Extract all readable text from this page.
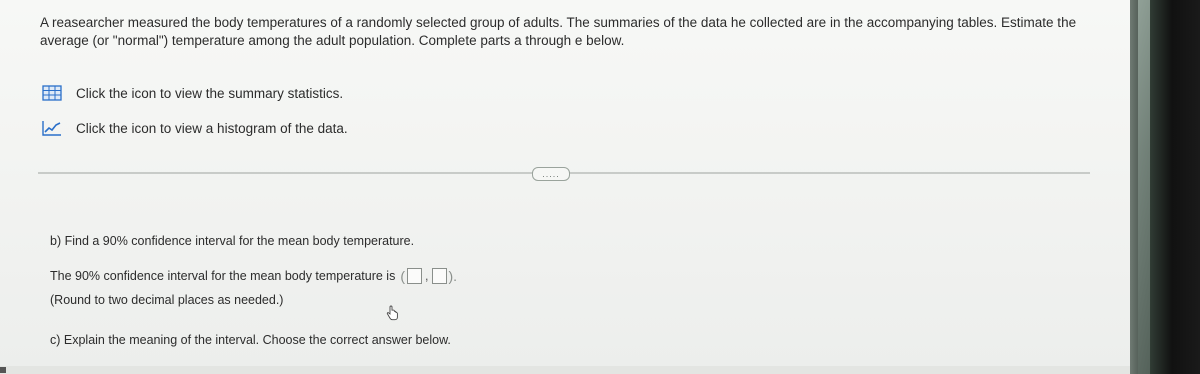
A reasearcher measured the body temperatures of a randomly selected group of adults. The summaries of the data he collected are in the accompanying tables. Estimate the average (or "normal") temperature among the adult population. Complete parts a through e below.
Click the icon to view the summary statistics.
Click the icon to view a histogram of the data.
.....
b) Find a 90% confidence interval for the mean body temperature.
The 90% confidence interval for the mean body temperature is ( , ).
(Round to two decimal places as needed.)
c) Explain the meaning of the interval. Choose the correct answer below.
